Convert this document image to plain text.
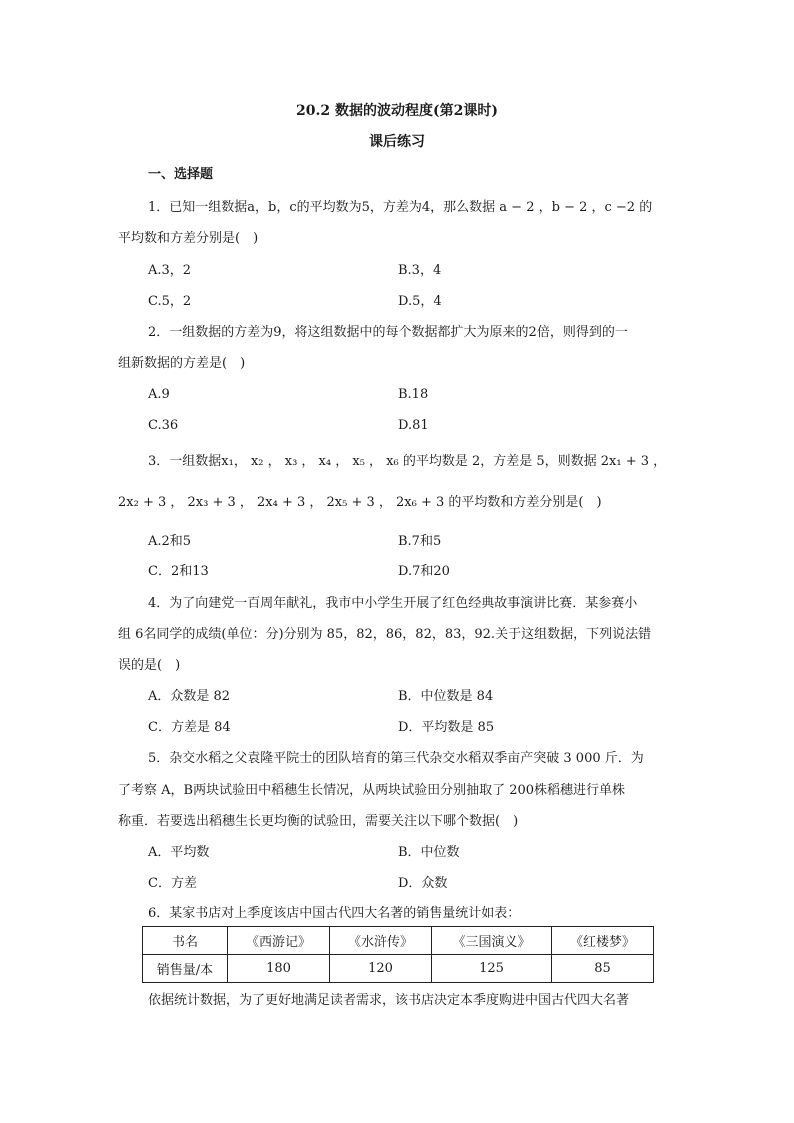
20.2 数据的波动程度(第2课时)
课后练习
一、选择题
1．已知一组数据a，b，c的平均数为5，方差为4，那么数据 a − 2 ，b − 2 ，c −2 的
平均数和方差分别是(　)
A.3，2	B.3，4
C.5，2	D.5，4
2．一组数据的方差为9，将这组数据中的每个数据都扩大为原来的2倍，则得到的一
组新数据的方差是(　)
A.9	B.18
C.36	D.81
3．一组数据x₁， x₂ ， x₃ ， x₄ ， x₅ ， x₆ 的平均数是 2，方差是 5，则数据 2x₁ + 3 ，
2x₂ + 3 ， 2x₃ + 3 ， 2x₄ + 3 ， 2x₅ + 3 ， 2x₆ + 3 的平均数和方差分别是(　)
A.2和5	B.7和5
C．2和13	D.7和20
4．为了向建党一百周年献礼，我市中小学生开展了红色经典故事演讲比赛．某参赛小
组 6名同学的成绩(单位：分)分别为 85，82，86，82，83，92.关于这组数据，下列说法错
误的是(　)
A．众数是 82	B．中位数是 84
C．方差是 84	D．平均数是 85
5．杂交水稻之父袁隆平院士的团队培育的第三代杂交水稻双季亩产突破 3 000 斤．为
了考察 A，B两块试验田中稻穗生长情况，从两块试验田分别抽取了 200株稻穗进行单株
称重．若要选出稻穗生长更均衡的试验田，需要关注以下哪个数据(　)
A．平均数	B．中位数
C．方差	D．众数
6．某家书店对上季度该店中国古代四大名著的销售量统计如表：
书名	《西游记》	《水浒传》	《三国演义》	《红楼梦》
销售量/本	180	120	125	85
依据统计数据，为了更好地满足读者需求，该书店决定本季度购进中国古代四大名著
